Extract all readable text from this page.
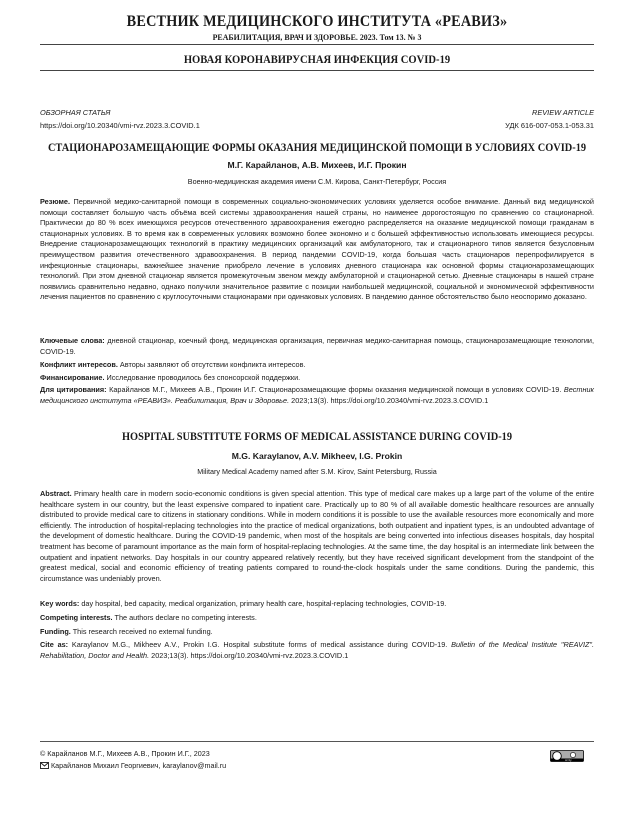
ВЕСТНИК МЕДИЦИНСКОГО ИНСТИТУТА «РЕАВИЗ»
РЕАБИЛИТАЦИЯ, ВРАЧ И ЗДОРОВЬЕ. 2023. Том 13. № 3
НОВАЯ КОРОНАВИРУСНАЯ ИНФЕКЦИЯ COVID-19
ОБЗОРНАЯ СТАТЬЯ	REVIEW ARTICLE
https://doi.org/10.20340/vmi-rvz.2023.3.COVID.1	УДК 616-007-053.1-053.31
СТАЦИОНАРОЗАМЕЩАЮЩИЕ ФОРМЫ ОКАЗАНИЯ МЕДИЦИНСКОЙ ПОМОЩИ В УСЛОВИЯХ COVID-19
М.Г. Карайланов, А.В. Михеев, И.Г. Прокин
Военно-медицинская академия имени С.М. Кирова, Санкт-Петербург, Россия

Резюме. Первичной медико-санитарной помощи в современных социально-экономических условиях уделяется особое внимание. Данный вид медицинской помощи составляет большую часть объёма всей системы здравоохранения нашей страны, но наименее дорогостоящую по сравнению со стационарной. Практически до 80 % всех имеющихся ресурсов отечественного здравоохранения ежегодно распределяется на оказание медицинской помощи гражданам в стационарных условиях. В то время как в современных условиях возможно более экономно и с большей эффективностью использовать имеющиеся ресурсы. Внедрение стационарозамещающих технологий в практику медицинских организаций как амбулаторного, так и стационарного типов является безусловным преимуществом развития отечественного здравоохранения. В период пандемии COVID-19, когда большая часть стационаров перепрофилируется в инфекционные стационары, важнейшее значение приобрело лечение в условиях дневного стационара как основной формы стационарозамещающих технологий. При этом дневной стационар является промежуточным звеном между амбулаторной и стационарной сетью. Дневные стационары в нашей стране появились сравнительно недавно, однако получили значительное развитие с позиции наибольшей медицинской, социальной и экономической эффективности лечения пациентов по сравнению с круглосуточными стационарами при одинаковых условиях. В пандемию данное обстоятельство было неоспоримо доказано.

Ключевые слова: дневной стационар, коечный фонд, медицинская организация, первичная медико-санитарная помощь, стационарозамещающие технологии, COVID-19.

Конфликт интересов. Авторы заявляют об отсутствии конфликта интересов.

Финансирование. Исследование проводилось без спонсорской поддержки.

Для цитирования: Карайланов М.Г., Михеев А.В., Прокин И.Г. Стационарозамещающие формы оказания медицинской помощи в условиях COVID-19. Вестник медицинского института «РЕАВИЗ». Реабилитация, Врач и Здоровье. 2023;13(3). https://doi.org/10.20340/vmi-rvz.2023.3.COVID.1

HOSPITAL SUBSTITUTE FORMS OF MEDICAL ASSISTANCE DURING COVID-19
M.G. Karaylanov, A.V. Mikheev, I.G. Prokin
Military Medical Academy named after S.M. Kirov, Saint Petersburg, Russia

Abstract. Primary health care in modern socio-economic conditions is given special attention. This type of medical care makes up a large part of the volume of the entire healthcare system in our country, but the least expensive compared to inpatient care. Practically up to 80 % of all available domestic healthcare resources are annually distributed to provide medical care to citizens in stationary conditions. While in modern conditions it is possible to use the available resources more economically and more efficiently. The introduction of hospital-replacing technologies into the practice of medical organizations, both outpatient and inpatient types, is an undoubted advantage of the development of domestic healthcare. During the COVID-19 pandemic, when most of the hospitals are being converted into infectious diseases hospitals, day hospital treatment has become of paramount importance as the main form of hospital-replacing technologies. At the same time, the day hospital is an intermediate link between the outpatient and inpatient networks. Day hospitals in our country appeared relatively recently, but they have received significant development from the standpoint of the greatest medical, social and economic efficiency of treating patients compared to round-the-clock hospitals under the same conditions. During the pandemic, this circumstance was undeniably proven.

Key words: day hospital, bed capacity, medical organization, primary health care, hospital-replacing technologies, COVID-19.

Competing interests. The authors declare no competing interests.

Funding. This research received no external funding.

Cite as: Karaylanov M.G., Mikheev A.V., Prokin I.G. Hospital substitute forms of medical assistance during COVID-19. Bulletin of the Medical Institute "REAVIZ". Rehabilitation, Doctor and Health. 2023;13(3). https://doi.org/10.20340/vmi-rvz.2023.3.COVID.1

© Карайланов М.Г., Михеев А.В., Прокин И.Г., 2023
Карайланов Михаил Георгиевич, karaylanov@mail.ru
cc by
